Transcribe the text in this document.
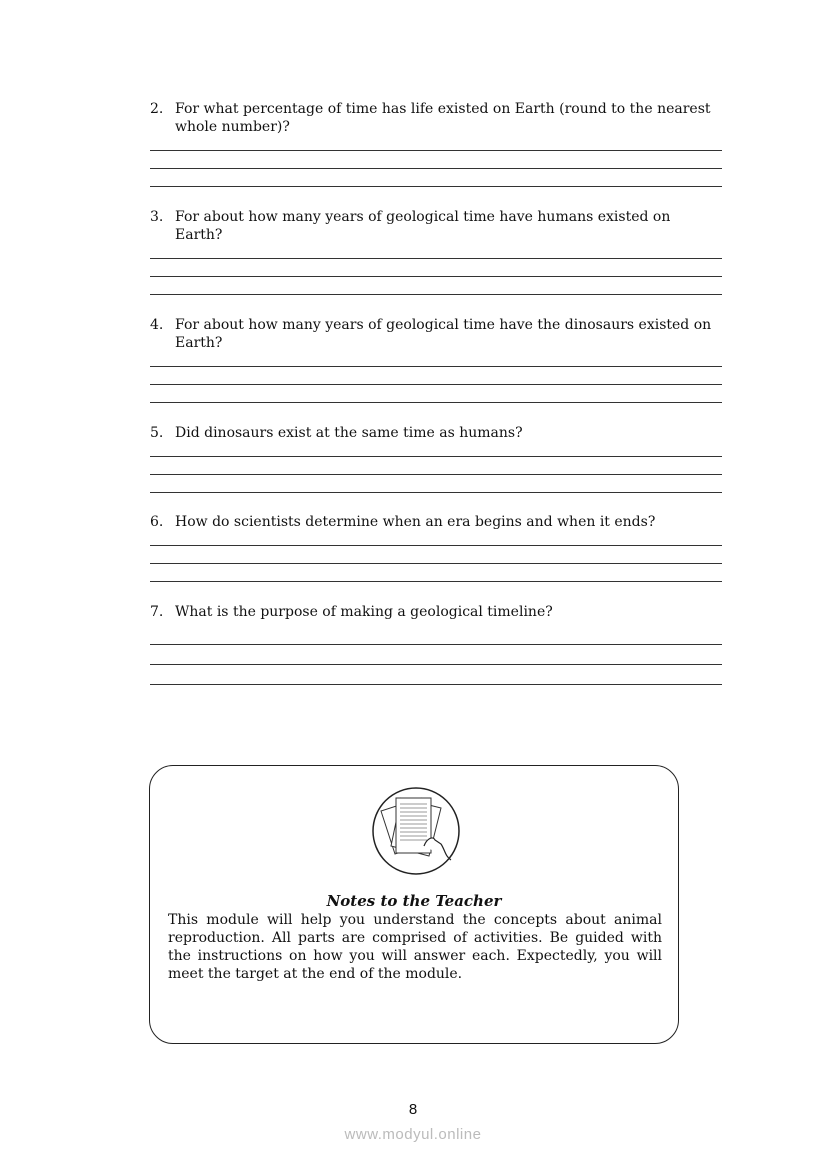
2. For what percentage of time has life existed on Earth (round to the nearest whole number)?
3. For about how many years of geological time have humans existed on Earth?
4. For about how many years of geological time have the dinosaurs existed on Earth?
5. Did dinosaurs exist at the same time as humans?
6. How do scientists determine when an era begins and when it ends?
7. What is the purpose of making a geological timeline?
Notes to the Teacher
This module will help you understand the concepts about animal reproduction. All parts are comprised of activities. Be guided with the instructions on how you will answer each. Expectedly, you will meet the target at the end of the module.
8
www.modyul.online
